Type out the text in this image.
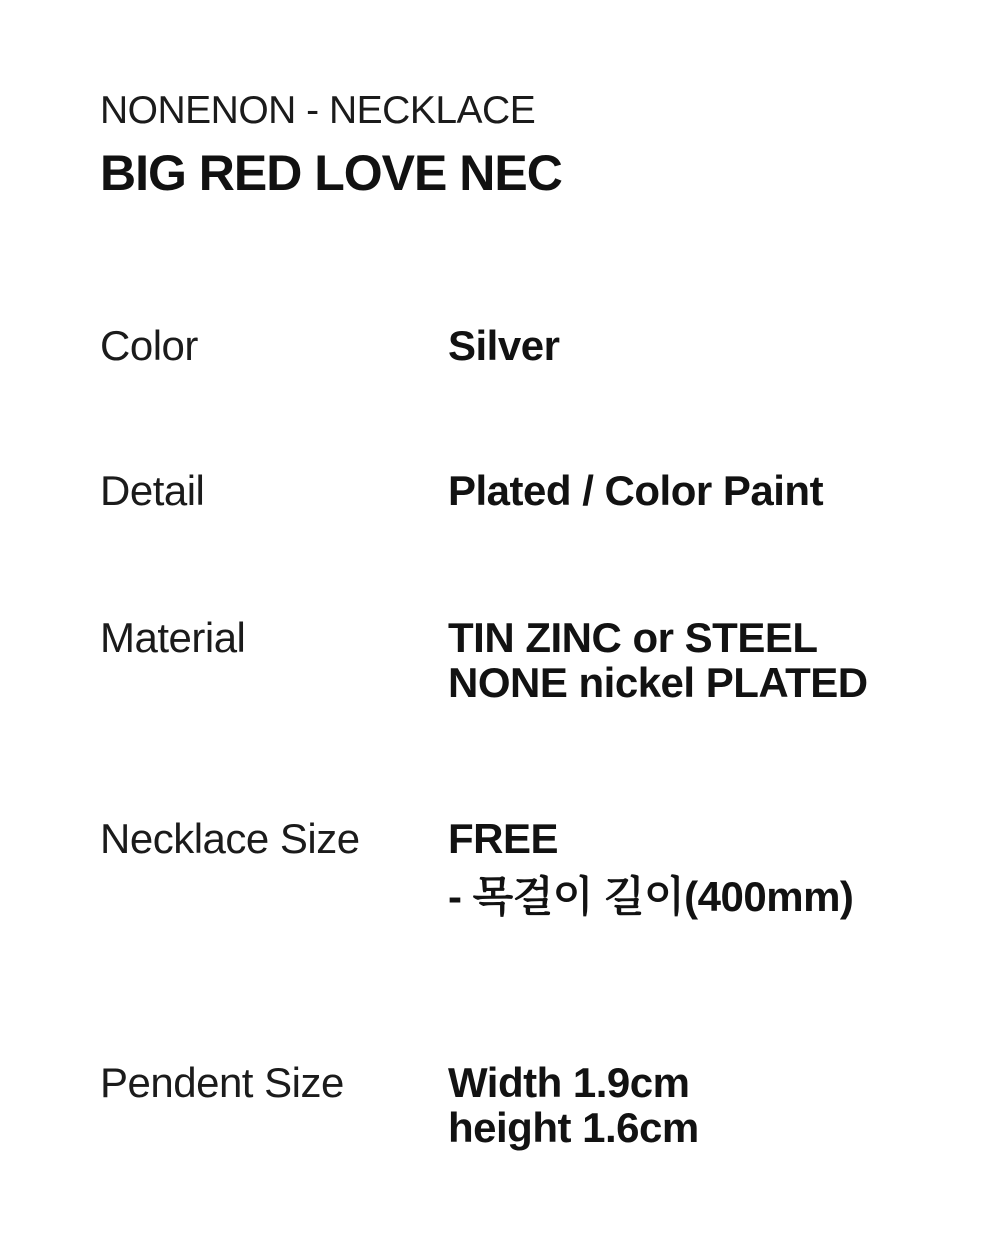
NONENON - NECKLACE
BIG RED LOVE NEC
Color	Silver
Detail	Plated / Color Paint
Material	TIN ZINC or STEEL
NONE nickel PLATED
Necklace Size	FREE
- 목걸이 길이(400mm)
Pendent Size	Width 1.9cm
height 1.6cm
